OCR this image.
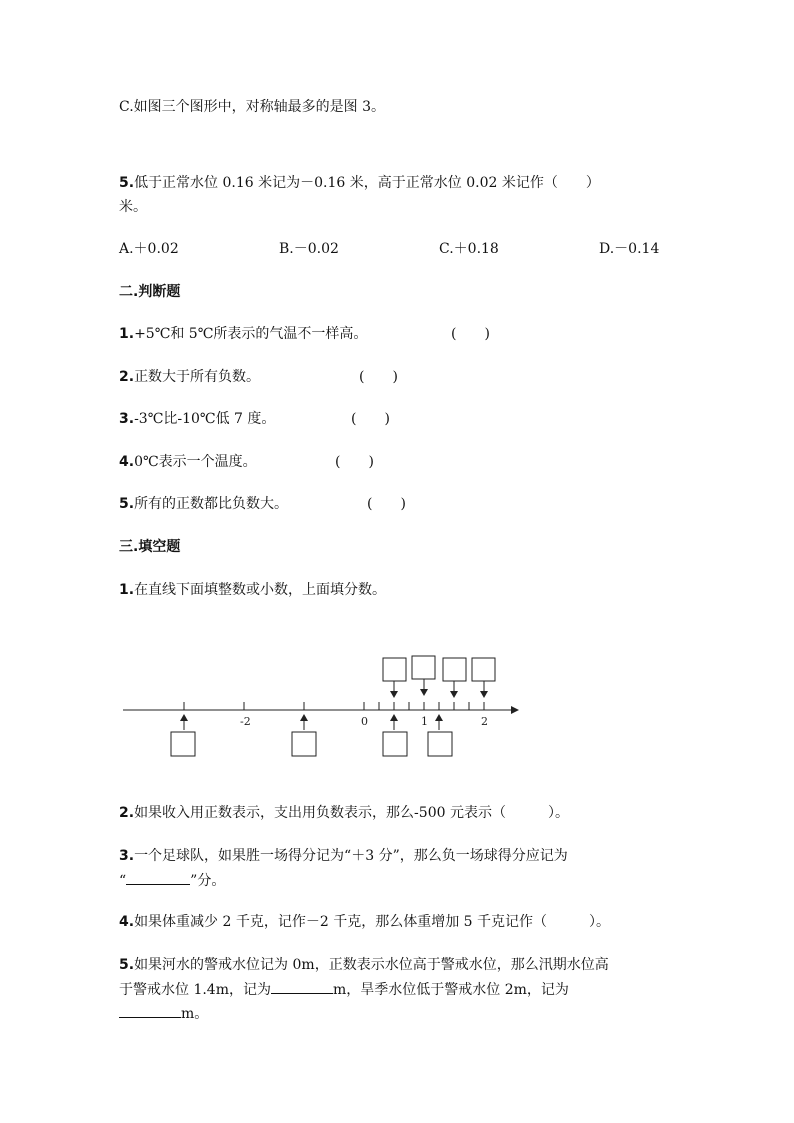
C.如图三个图形中，对称轴最多的是图 3。
5.低于正常水位 0.16 米记为－0.16 米，高于正常水位 0.02 米记作（　　）
米。
A.＋0.02	B.－0.02	C.＋0.18	D.－0.14
二.判断题
1.+5℃和 5℃所表示的气温不一样高。	(　　)
2.正数大于所有负数。	(　　)
3.-3℃比-10℃低 7 度。	(　　)
4.0℃表示一个温度。	(　　)
5.所有的正数都比负数大。	(　　)
三.填空题
1.在直线下面填整数或小数，上面填分数。
-2	0	1	2
2.如果收入用正数表示，支出用负数表示，那么-500 元表示（　　　）。
3.一个足球队，如果胜一场得分记为“＋3 分”，那么负一场球得分应记为
“	”分。
4.如果体重减少 2 千克，记作－2 千克，那么体重增加 5 千克记作（　　　）。
5.如果河水的警戒水位记为 0m，正数表示水位高于警戒水位，那么汛期水位高
于警戒水位 1.4m，记为	m，旱季水位低于警戒水位 2m，记为
m。
